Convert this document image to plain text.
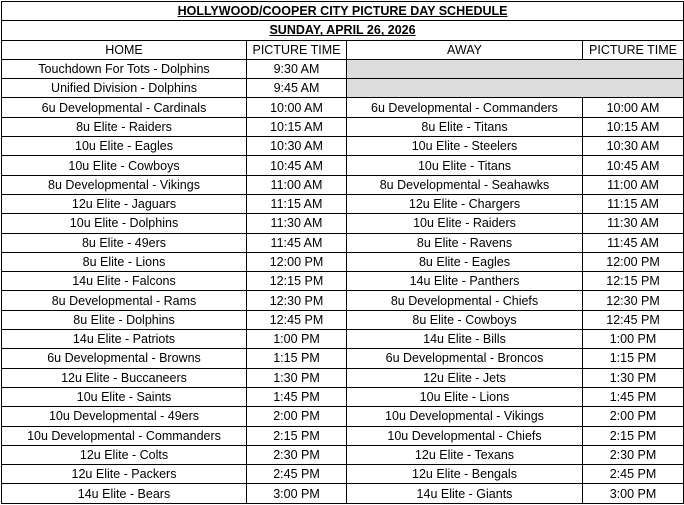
HOLLYWOOD/COOPER CITY PICTURE DAY SCHEDULE			
SUNDAY, APRIL 26, 2026			
HOME	PICTURE TIME	AWAY	PICTURE TIME
Touchdown For Tots - Dolphins	9:30 AM		
Unified Division - Dolphins	9:45 AM		
6u Developmental - Cardinals	10:00 AM	6u Developmental - Commanders	10:00 AM
8u Elite - Raiders	10:15 AM	8u Elite - Titans	10:15 AM
10u Elite - Eagles	10:30 AM	10u Elite - Steelers	10:30 AM
10u Elite - Cowboys	10:45 AM	10u Elite - Titans	10:45 AM
8u Developmental - Vikings	11:00 AM	8u Developmental - Seahawks	11:00 AM
12u Elite - Jaguars	11:15 AM	12u Elite - Chargers	11:15 AM
10u Elite - Dolphins	11:30 AM	10u Elite - Raiders	11:30 AM
8u Elite - 49ers	11:45 AM	8u Elite - Ravens	11:45 AM
8u Elite - Lions	12:00 PM	8u Elite - Eagles	12:00 PM
14u Elite - Falcons	12:15 PM	14u Elite - Panthers	12:15 PM
8u Developmental - Rams	12:30 PM	8u Developmental - Chiefs	12:30 PM
8u Elite - Dolphins	12:45 PM	8u Elite - Cowboys	12:45 PM
14u Elite - Patriots	1:00 PM	14u Elite - Bills	1:00 PM
6u Developmental - Browns	1:15 PM	6u Developmental - Broncos	1:15 PM
12u Elite - Buccaneers	1:30 PM	12u Elite - Jets	1:30 PM
10u Elite - Saints	1:45 PM	10u Elite - Lions	1:45 PM
10u Developmental - 49ers	2:00 PM	10u Developmental - Vikings	2:00 PM
10u Developmental - Commanders	2:15 PM	10u Developmental - Chiefs	2:15 PM
12u Elite - Colts	2:30 PM	12u Elite - Texans	2:30 PM
12u Elite - Packers	2:45 PM	12u Elite - Bengals	2:45 PM
14u Elite - Bears	3:00 PM	14u Elite - Giants	3:00 PM
